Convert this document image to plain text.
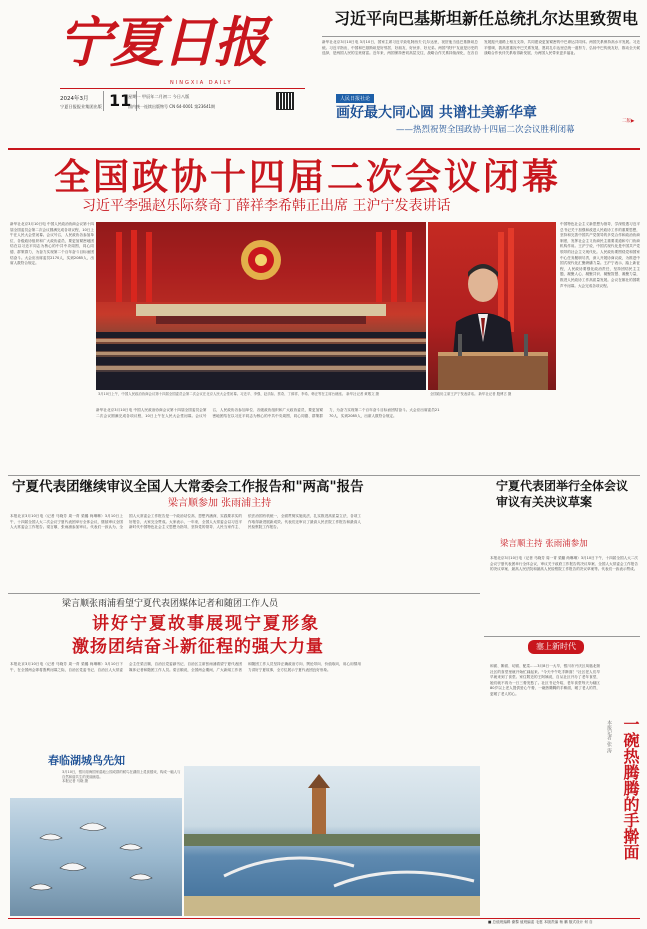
宁夏日报
NINGXIA DAILY
2024年3月
宁夏日报报业集团出版 11
星期一 甲辰年二月初二 今日八版
国内统一连续出版物号 CN 64-0001 第23641期
习近平向巴基斯坦新任总统扎尔达里致贺电
新华社北京3月10日电 3月10日，国家主席习近平致电阿西夫·扎尔达里，祝贺他当选巴基斯坦总统。习近平指出，中国和巴基斯坦是好邻居、好朋友、好伙伴、好兄弟。两国"铁杆"友谊是历史的选择，是两国人民的宝贵财富。近年来，两国保持密切高层交往，战略合作关系持续深化，在各自发展振兴道路上相互支持，共同建设更加紧密的中巴命运共同体。两国关系保持高水平发展。习近平强调，我高度重视中巴关系发展，愿同扎尔达里总统一道努力，弘扬中巴传统友好，推动全天候战略合作伙伴关系取得新发展，为两国人民带来更多福祉。
人民日报社论
画好最大同心圆 共谱壮美新华章
——热烈祝贺全国政协十四届二次会议胜利闭幕
二版▶
全国政协十四届二次会议闭幕
习近平李强赵乐际蔡奇丁薛祥李希韩正出席 王沪宁发表讲话
新华社北京3月10日电 中国人民政治协商会议第十四届全国委员会第二次会议圆满完成各项议程，10日上午在人民大会堂闭幕。会议号召，人民政协各参加单位、各级政协组织和广大政协委员，要更加紧密地团结在以习近平同志为核心的中共中央周围，同心同德、群策群力，为奋力实现第二个百年奋斗目标而团结奋斗。大会应出席委员2170人，实到2085人，出席人数符合规定。
3月10日上午，中国人民政治协商会议第十四届全国委员会第二次会议在北京人民大会堂闭幕。习近平、李强、赵乐际、蔡奇、丁薛祥、李希、韩正等在主席台就座。 新华社记者 黄敬文 摄	全国政协主席王沪宁发表讲话。 新华社记者 殷博古 摄
新华社北京3月10日电 中国人民政治协商会议第十四届全国委员会第二次会议圆满完成各项议程，10日上午在人民大会堂闭幕。会议号召，人民政协各参加单位、各级政协组织和广大政协委员，要更加紧密地团结在以习近平同志为核心的中共中央周围，同心同德、群策群力，为奋力实现第二个百年奋斗目标而团结奋斗。大会应出席委员2170人，实到2085人，出席人数符合规定。
中国特色社会主义新思想为指导，学深悟透习近平总书记关于加强和改进人民政协工作的重要思想，坚持和完善中国共产党领导的多党合作和政治协商制度，发挥社会主义协商民主重要渠道和专门协商机构作用。王沪宁说，中国式现代化是中国共产党领导的社会主义现代化。人民政协要围绕党和国家中心任务履职尽责，深入开展协商议政，为推进中国式现代化汇聚磅礴力量。王沪宁表示，踏上新征程，人民政协要强化政治责任，坚持团结民主主题，凝聚人心、凝聚共识、凝聚智慧、凝聚力量，推进人民政协工作高质量发展。会议在雄壮的国歌声中闭幕。大会完成各项议程。
宁夏代表团继续审议全国人大常委会工作报告和"两高"报告
梁言顺参加 张雨浦主持
本报北京3月10日电（记者 马晓芳 周一青 梁璐 尚琳琳）3月10日上午，十四届全国人大二次会议宁夏代表团举行全体会议，继续审议全国人大常委会工作报告。梁言顺、张雨浦参加审议。代表们一致认为，全国人大常委会工作报告是一个政治站位高、思想内涵深、实践要求实的好报告，大家完全赞成。大家表示，一年来，全国人大常委会以习近平新时代中国特色社会主义思想为指导，坚持党的领导、人民当家作主、依法治国有机统一，全面贯彻实施宪法，扎实推进高质量立法，各项工作取得新进展新成效。代表们还审议了最高人民法院工作报告和最高人民检察院工作报告。
宁夏代表团举行全体会议审议有关决议草案
梁言顺主持 张雨浦参加
本报北京3月10日电（记者 马晓芳 周一青 梁璐 尚琳琳）3月10日下午，十四届全国人大二次会议宁夏代表团举行全体会议，审议关于政府工作报告的决议草案、全国人大常委会工作报告的决议草案、最高人民法院和最高人民检察院工作报告的决议草案等。代表们一致表示赞成。
梁言顺张雨浦看望宁夏代表团媒体记者和随团工作人员
讲好宁夏故事展现宁夏形象
激扬团结奋斗新征程的强大力量
本报北京3月10日电（记者 马晓芳 周一青 梁璐 尚琳琳）3月10日下午，在全国两会即将胜利闭幕之际，自治区党委书记、自治区人大常委会主任梁言顺，自治区党委副书记、自治区主席张雨浦看望宁夏代表团媒体记者和随团工作人员。梁言顺说，全国两会期间，广大新闻工作者和随团工作人员坚持正确政治方向、舆论导向、价值取向，用心用情用力讲好宁夏故事，全方位展示宁夏代表团良好形象。
春临湖城鸟先知
3月10日，银川阅海国家湿地公园成群的候鸟在湖面上觅食嬉戏，构成一幅人与自然和谐共生的美丽画卷。
本报记者 马晓 摄
塞上新时代
和面、擀面、切面、配菜……3月8日一大早，银川市兴庆区凤凰北街社区的食堂里就开始忙碌起来。"今天中午吃手擀面！"社区老人们早早就来到了食堂。家住附近的王阿姨说，自从社区开办了老年食堂，她们就不再为一日三餐发愁了。社区书记介绍，老年食堂每天为辖区80岁以上老人提供爱心午餐，一碗热腾腾的手擀面，暖了老人的胃，更暖了老人的心。
一碗热腾腾的手擀面
本报记者 张 涛
■ 总值班编辑 谢黎 值班编委 毛惠 本版责编 杨 鹏 版式设计 何 自
